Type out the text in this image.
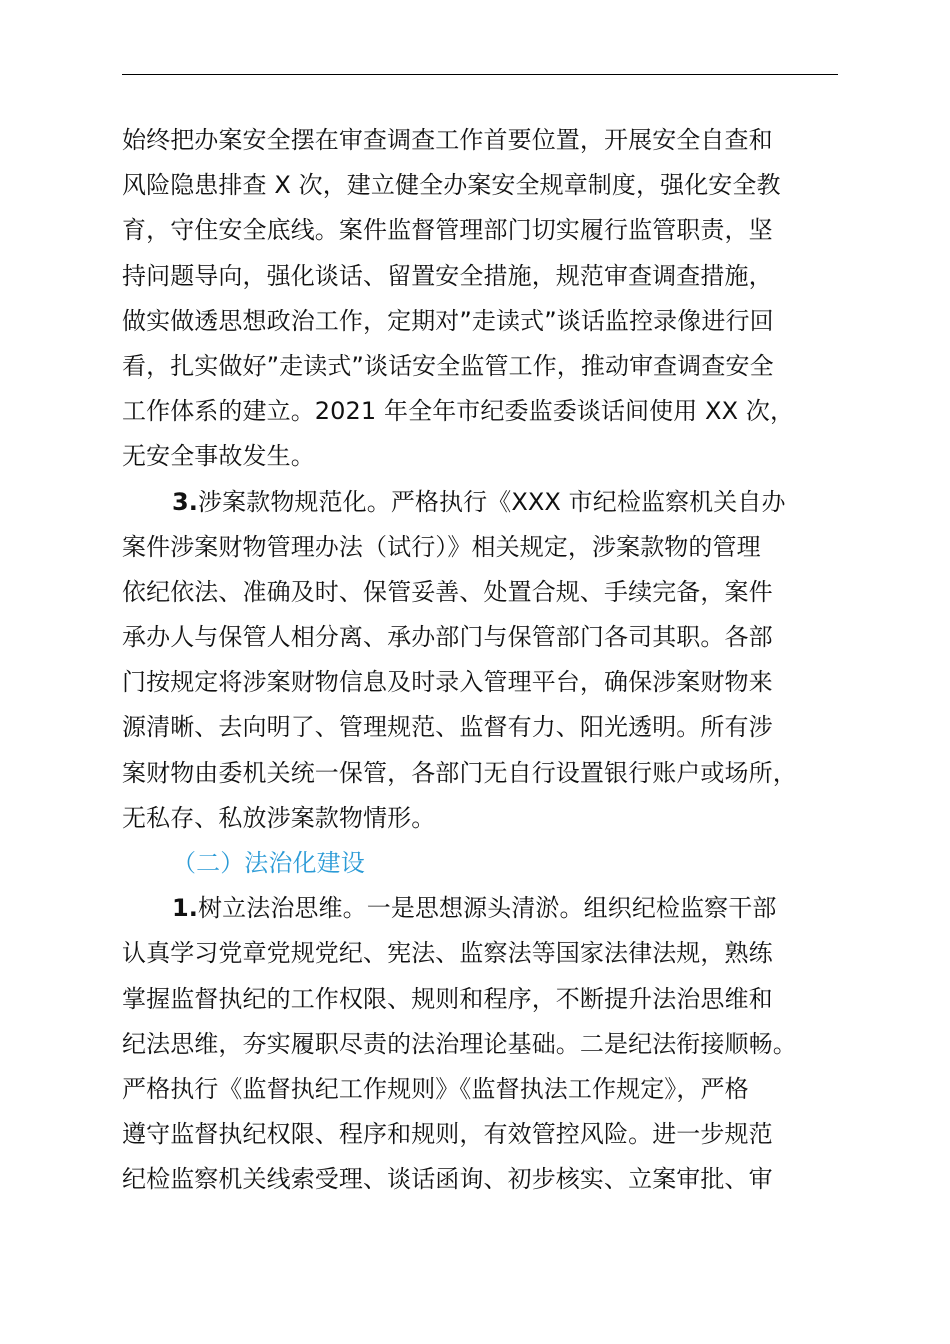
始终把办案安全摆在审查调查工作首要位置，开展安全自查和
风险隐患排查 X 次，建立健全办案安全规章制度，强化安全教
育，守住安全底线。案件监督管理部门切实履行监管职责，坚
持问题导向，强化谈话、留置安全措施，规范审查调查措施，
做实做透思想政治工作，定期对”走读式”谈话监控录像进行回
看，扎实做好”走读式”谈话安全监管工作，推动审查调查安全
工作体系的建立。2021 年全年市纪委监委谈话间使用 XX 次，
无安全事故发生。
3.涉案款物规范化。严格执行《XXX 市纪检监察机关自办
案件涉案财物管理办法（试行）》相关规定，涉案款物的管理
依纪依法、准确及时、保管妥善、处置合规、手续完备，案件
承办人与保管人相分离、承办部门与保管部门各司其职。各部
门按规定将涉案财物信息及时录入管理平台，确保涉案财物来
源清晰、去向明了、管理规范、监督有力、阳光透明。所有涉
案财物由委机关统一保管，各部门无自行设置银行账户或场所，
无私存、私放涉案款物情形。
（二）法治化建设
1.树立法治思维。一是思想源头清淤。组织纪检监察干部
认真学习党章党规党纪、宪法、监察法等国家法律法规，熟练
掌握监督执纪的工作权限、规则和程序，不断提升法治思维和
纪法思维，夯实履职尽责的法治理论基础。二是纪法衔接顺畅。
严格执行《监督执纪工作规则》《监督执法工作规定》，严格
遵守监督执纪权限、程序和规则，有效管控风险。进一步规范
纪检监察机关线索受理、谈话函询、初步核实、立案审批、审
